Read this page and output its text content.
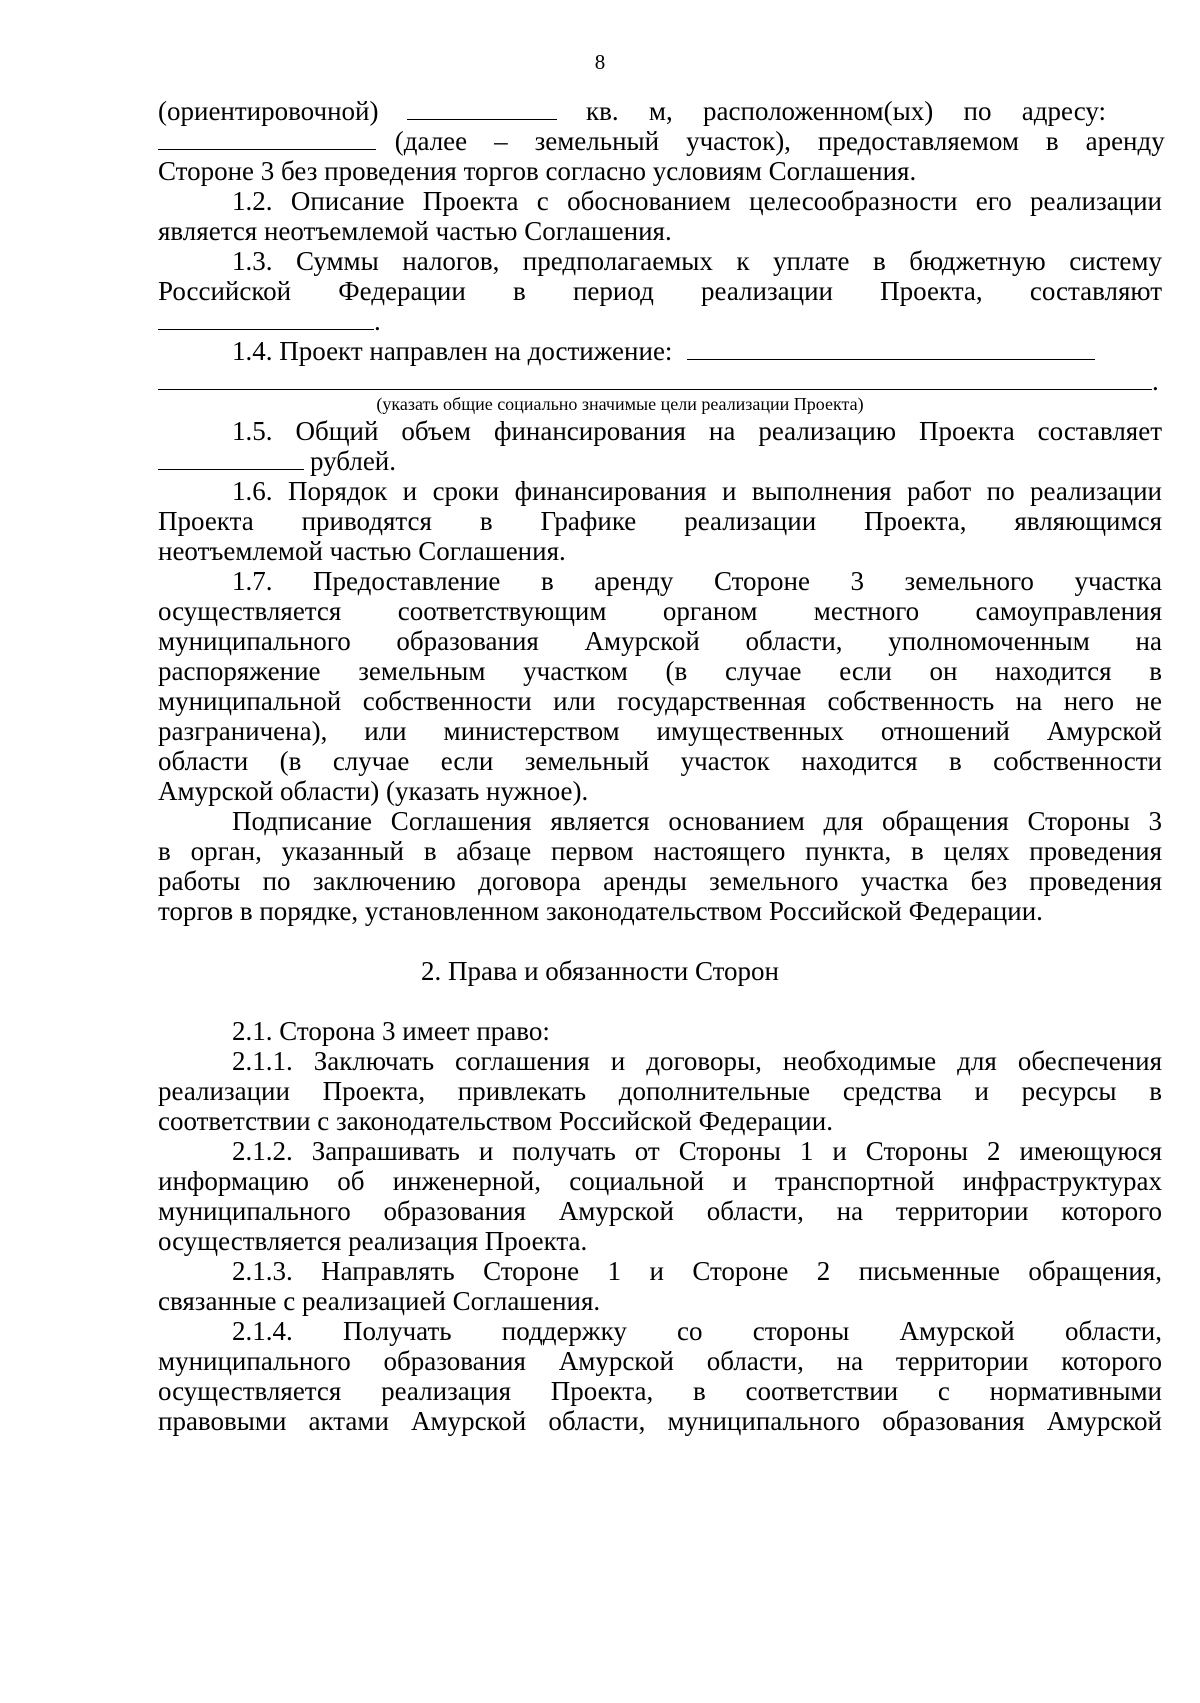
8
(ориентировочной)	кв. м, расположенном(ых) по адресу:
(далее – земельный участок), предоставляемом в аренду
Стороне 3 без проведения торгов согласно условиям Соглашения.
1.2. Описание Проекта с обоснованием целесообразности его реализации
является неотъемлемой частью Соглашения.
1.3. Суммы налогов, предполагаемых к уплате в бюджетную систему
Российской Федерации в период реализации Проекта, составляют
.
1.4. Проект направлен на достижение:
.
(указать общие социально значимые цели реализации Проекта)
1.5. Общий объем финансирования на реализацию Проекта составляет
рублей.
1.6. Порядок и сроки финансирования и выполнения работ по реализации
Проекта приводятся в Графике реализации Проекта, являющимся
неотъемлемой частью Соглашения.
1.7. Предоставление в аренду Стороне 3 земельного участка
осуществляется соответствующим органом местного самоуправления
муниципального образования Амурской области, уполномоченным на
распоряжение земельным участком (в случае если он находится в
муниципальной собственности или государственная собственность на него не
разграничена), или министерством имущественных отношений Амурской
области (в случае если земельный участок находится в собственности
Амурской области) (указать нужное).
Подписание Соглашения является основанием для обращения Стороны 3
в орган, указанный в абзаце первом настоящего пункта, в целях проведения
работы по заключению договора аренды земельного участка без проведения
торгов в порядке, установленном законодательством Российской Федерации.
2. Права и обязанности Сторон
2.1. Сторона 3 имеет право:
2.1.1. Заключать соглашения и договоры, необходимые для обеспечения
реализации Проекта, привлекать дополнительные средства и ресурсы в
соответствии с законодательством Российской Федерации.
2.1.2. Запрашивать и получать от Стороны 1 и Стороны 2 имеющуюся
информацию об инженерной, социальной и транспортной инфраструктурах
муниципального образования Амурской области, на территории которого
осуществляется реализация Проекта.
2.1.3. Направлять Стороне 1 и Стороне 2 письменные обращения,
связанные с реализацией Соглашения.
2.1.4. Получать поддержку со стороны Амурской области,
муниципального образования Амурской области, на территории которого
осуществляется реализация Проекта, в соответствии с нормативными
правовыми актами Амурской области, муниципального образования Амурской
